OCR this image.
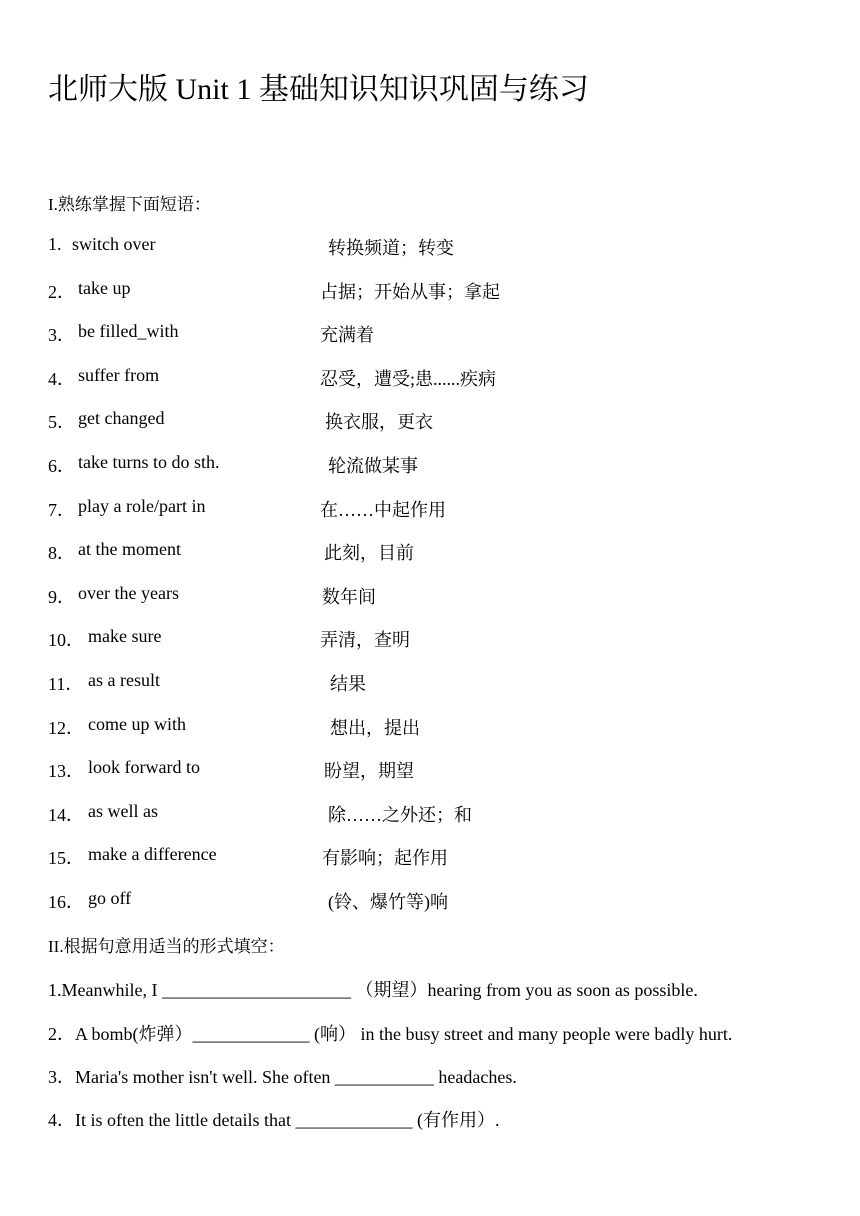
北师大版 Unit 1 基础知识知识巩固与练习
I.熟练掌握下面短语：
1. switch over	转换频道；转变
2． take up	占据；开始从事；拿起
3． be filled_with	充满着
4． suffer from	忍受，遭受;患......疾病
5． get changed	换衣服，更衣
6． take turns to do sth.	轮流做某事
7． play a role/part in	在……中起作用
8． at the moment	此刻，目前
9． over the years	数年间
10． make sure	弄清，查明
11． as a result	结果
12． come up with	想出，提出
13． look forward to	盼望，期望
14． as well as	除……之外还；和
15． make a difference	有影响；起作用
16． go off	(铃、爆竹等)响
II.根据句意用适当的形式填空：
1.Meanwhile, I _____________________ （期望）hearing from you as soon as possible.
2．A bomb(炸弹）_____________ (响） in the busy street and many people were badly hurt.
3．Maria's mother isn't well. She often ___________ headaches.
4．It is often the little details that _____________ (有作用）.
